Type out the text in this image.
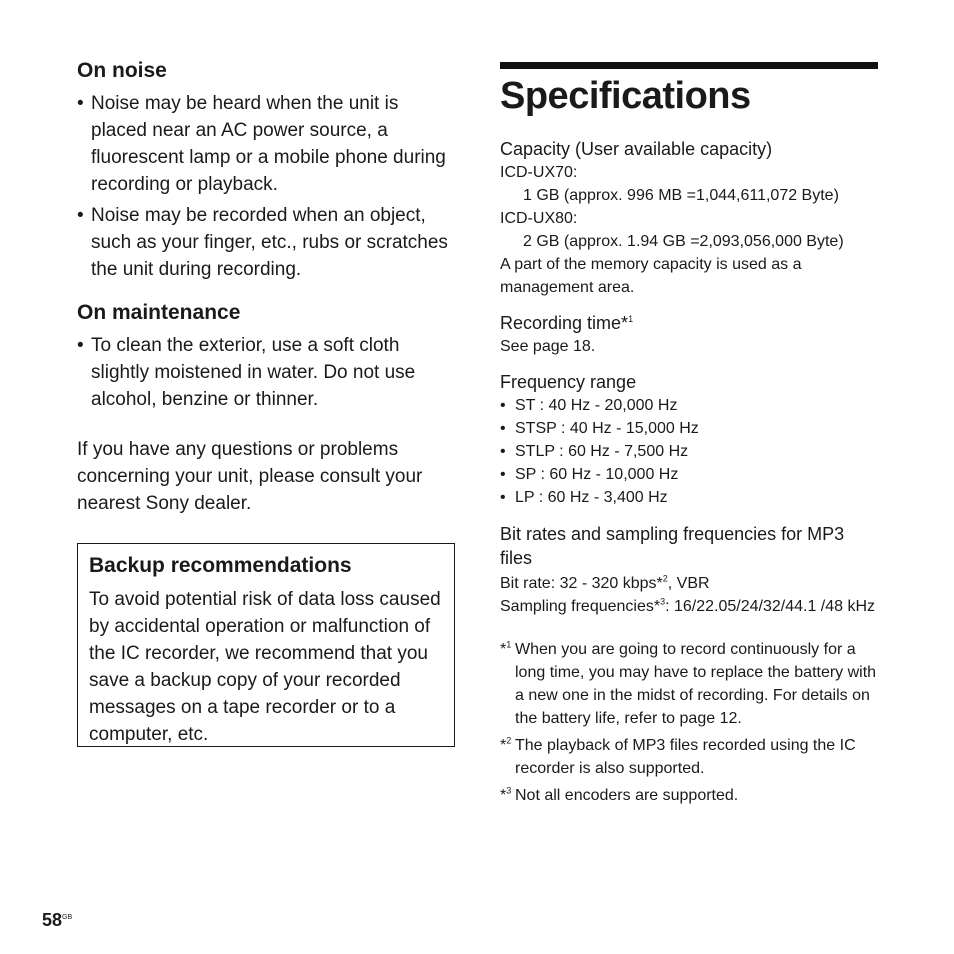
On noise
• Noise may be heard when the unit is placed near an AC power source, a fluorescent lamp or a mobile phone during recording or playback.
• Noise may be recorded when an object, such as your finger, etc., rubs or scratches the unit during recording.
On maintenance
• To clean the exterior, use a soft cloth slightly moistened in water. Do not use alcohol, benzine or thinner.

If you have any questions or problems concerning your unit, please consult your nearest Sony dealer.

Backup recommendations

To avoid potential risk of data loss caused by accidental operation or malfunction of the IC recorder, we recommend that you save a backup copy of your recorded messages on a tape recorder or to a computer, etc.

Specifications

Capacity (User available capacity)

ICD-UX70:

1 GB (approx. 996 MB =1,044,611,072 Byte)

ICD-UX80:

2 GB (approx. 1.94 GB =2,093,056,000 Byte)

A part of the memory capacity is used as a management area.

Recording time*$^1$

See page 18.

Frequency range

• ST : 40 Hz - 20,000 Hz
• STSP : 40 Hz - 15,000 Hz
• STLP : 60 Hz - 7,500 Hz
• SP : 60 Hz - 10,000 Hz
• LP : 60 Hz - 3,400 Hz

Bit rates and sampling frequencies for MP3 files

Bit rate: 32 - 320 kbps*$^2$, VBR

Sampling frequencies*$^3$: 16/22.05/24/32/44.1 /48 kHz

*$^1$ When you are going to record continuously for a long time, you may have to replace the battery with a new one in the midst of recording. For details on the battery life, refer to page 12.

*$^2$ The playback of MP3 files recorded using the IC recorder is also supported.

*$^3$ Not all encoders are supported.

$58^{GB}$
